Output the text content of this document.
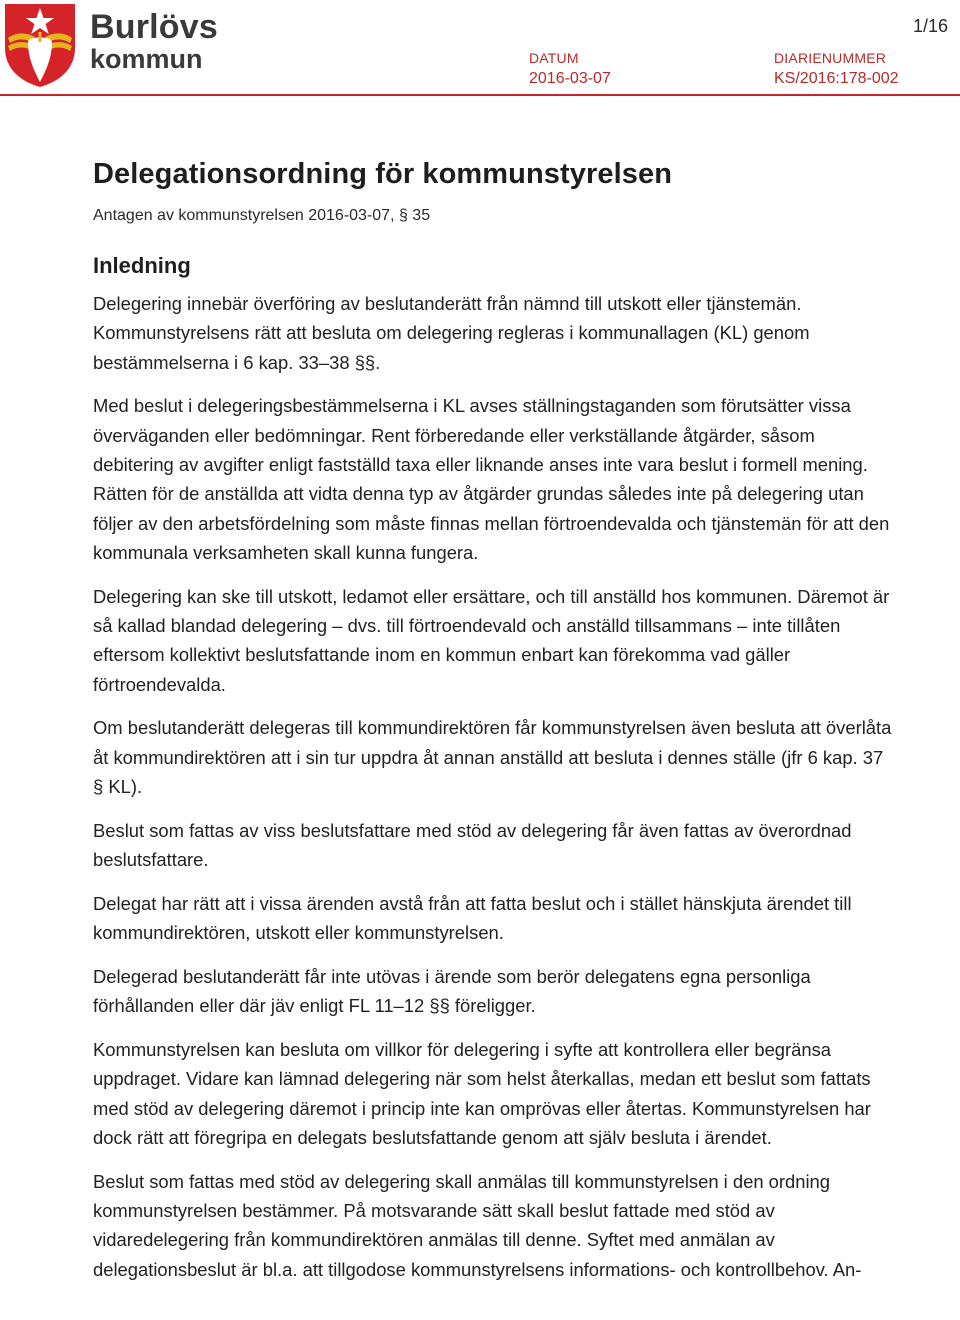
1/16
Burlövs
kommun	DATUM
2016-03-07
DIARIENUMMER
KS/2016:178-002
Delegationsordning för kommunstyrelsen
Antagen av kommunstyrelsen 2016-03-07, § 35
Inledning

Delegering innebär överföring av beslutanderätt från nämnd till utskott eller tjänstemän. Kommunstyrelsens rätt att besluta om delegering regleras i kommunallagen (KL) genom bestämmelserna i 6 kap. 33–38 §§.

Med beslut i delegeringsbestämmelserna i KL avses ställningstaganden som förutsätter vissa överväganden eller bedömningar. Rent förberedande eller verkställande åtgärder, såsom debitering av avgifter enligt fastställd taxa eller liknande anses inte vara beslut i formell mening. Rätten för de anställda att vidta denna typ av åtgärder grundas således inte på delegering utan följer av den arbetsfördelning som måste finnas mellan förtroendevalda och tjänstemän för att den kommunala verksamheten skall kunna fungera.

Delegering kan ske till utskott, ledamot eller ersättare, och till anställd hos kommunen. Däremot är så kallad blandad delegering – dvs. till förtroendevald och anställd tillsammans – inte tillåten eftersom kollektivt beslutsfattande inom en kommun enbart kan förekomma vad gäller förtroendevalda.

Om beslutanderätt delegeras till kommundirektören får kommunstyrelsen även besluta att överlåta åt kommundirektören att i sin tur uppdra åt annan anställd att besluta i dennes ställe (jfr 6 kap. 37 § KL).

Beslut som fattas av viss beslutsfattare med stöd av delegering får även fattas av överordnad beslutsfattare.

Delegat har rätt att i vissa ärenden avstå från att fatta beslut och i stället hänskjuta ärendet till kommundirektören, utskott eller kommunstyrelsen.

Delegerad beslutanderätt får inte utövas i ärende som berör delegatens egna personliga förhållanden eller där jäv enligt FL 11–12 §§ föreligger.

Kommunstyrelsen kan besluta om villkor för delegering i syfte att kontrollera eller begränsa uppdraget. Vidare kan lämnad delegering när som helst återkallas, medan ett beslut som fattats med stöd av delegering däremot i princip inte kan omprövas eller återtas. Kommunstyrelsen har dock rätt att föregripa en delegats beslutsfattande genom att själv besluta i ärendet.

Beslut som fattas med stöd av delegering skall anmälas till kommunstyrelsen i den ordning kommunstyrelsen bestämmer. På motsvarande sätt skall beslut fattade med stöd av vidaredelegering från kommundirektören anmälas till denne. Syftet med anmälan av delegationsbeslut är bl.a. att tillgodose kommunstyrelsens informations- och kontrollbehov. An-
